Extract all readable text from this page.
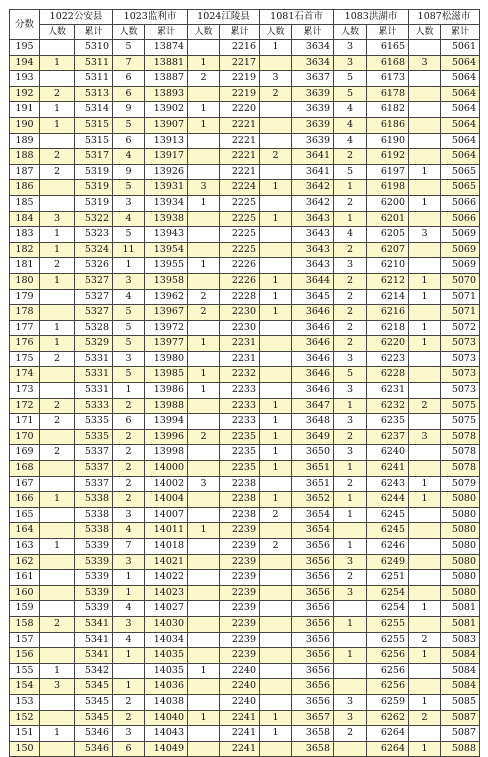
分数	1022公安县		1023监利市		1024江陵县		1081石首市		1083洪湖市		1087松滋市	
	人数	累计	人数	累计	人数	累计	人数	累计	人数	累计	人数	累计
195		5310	5	13874		2216	1	3634	3	6165		5061
194	1	5311	7	13881	1	2217		3634	3	6168	3	5064
193		5311	6	13887	2	2219	3	3637	5	6173		5064
192	2	5313	6	13893		2219	2	3639	5	6178		5064
191	1	5314	9	13902	1	2220		3639	4	6182		5064
190	1	5315	5	13907	1	2221		3639	4	6186		5064
189		5315	6	13913		2221		3639	4	6190		5064
188	2	5317	4	13917		2221	2	3641	2	6192		5064
187	2	5319	9	13926		2221		3641	5	6197	1	5065
186		5319	5	13931	3	2224	1	3642	1	6198		5065
185		5319	3	13934	1	2225		3642	2	6200	1	5066
184	3	5322	4	13938		2225	1	3643	1	6201		5066
183	1	5323	5	13943		2225		3643	4	6205	3	5069
182	1	5324	11	13954		2225		3643	2	6207		5069
181	2	5326	1	13955	1	2226		3643	3	6210		5069
180	1	5327	3	13958		2226	1	3644	2	6212	1	5070
179		5327	4	13962	2	2228	1	3645	2	6214	1	5071
178		5327	5	13967	2	2230	1	3646	2	6216		5071
177	1	5328	5	13972		2230		3646	2	6218	1	5072
176	1	5329	5	13977	1	2231		3646	2	6220	1	5073
175	2	5331	3	13980		2231		3646	3	6223		5073
174		5331	5	13985	1	2232		3646	5	6228		5073
173		5331	1	13986	1	2233		3646	3	6231		5073
172	2	5333	2	13988		2233	1	3647	1	6232	2	5075
171	2	5335	6	13994		2233	1	3648	3	6235		5075
170		5335	2	13996	2	2235	1	3649	2	6237	3	5078
169	2	5337	2	13998		2235	1	3650	3	6240		5078
168		5337	2	14000		2235	1	3651	1	6241		5078
167		5337	2	14002	3	2238		3651	2	6243	1	5079
166	1	5338	2	14004		2238	1	3652	1	6244	1	5080
165		5338	3	14007		2238	2	3654	1	6245		5080
164		5338	4	14011	1	2239		3654		6245		5080
163	1	5339	7	14018		2239	2	3656	1	6246		5080
162		5339	3	14021		2239		3656	3	6249		5080
161		5339	1	14022		2239		3656	2	6251		5080
160		5339	1	14023		2239		3656	3	6254		5080
159		5339	4	14027		2239		3656		6254	1	5081
158	2	5341	3	14030		2239		3656	1	6255		5081
157		5341	4	14034		2239		3656		6255	2	5083
156		5341	1	14035		2239		3656	1	6256	1	5084
155	1	5342		14035	1	2240		3656		6256		5084
154	3	5345	1	14036		2240		3656		6256		5084
153		5345	2	14038		2240		3656	3	6259	1	5085
152		5345	2	14040	1	2241	1	3657	3	6262	2	5087
151	1	5346	3	14043		2241	1	3658	2	6264		5087
150		5346	6	14049		2241		3658		6264	1	5088
